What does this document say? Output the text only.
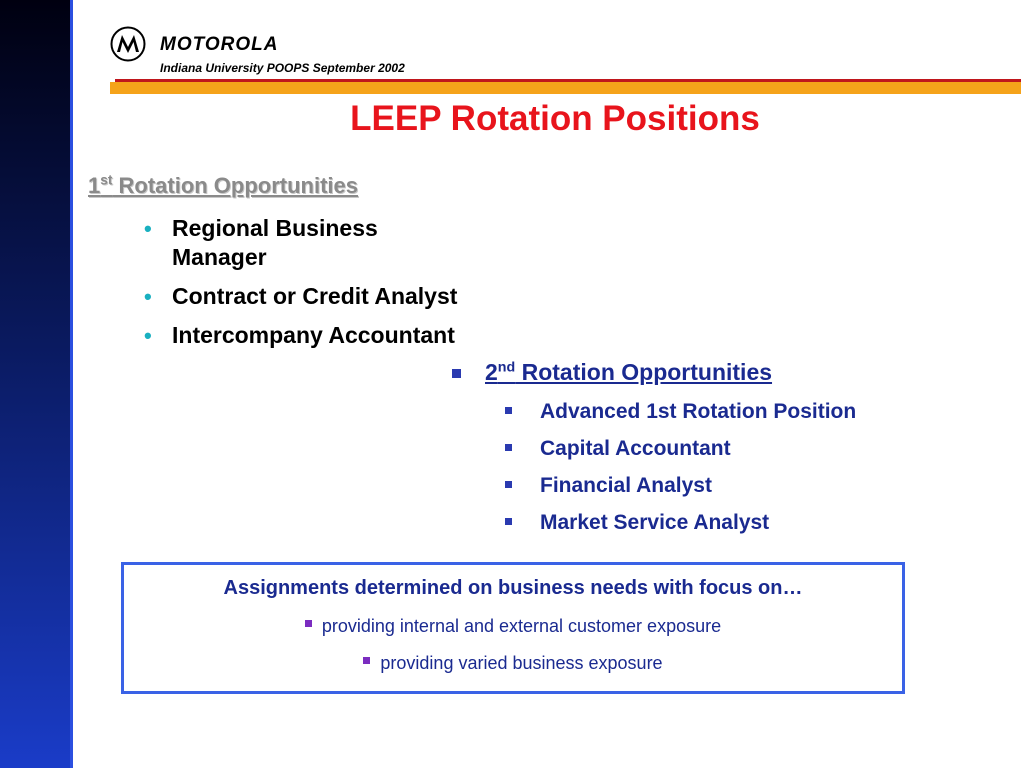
MOTOROLA
Indiana University POOPS September 2002
LEEP Rotation Positions
1st Rotation Opportunities
• Regional Business Manager
• Contract or Credit Analyst
• Intercompany Accountant
2nd Rotation Opportunities
Advanced 1st Rotation Position
Capital Accountant
Financial Analyst
Market Service Analyst
Assignments determined on business needs with focus on…
providing internal and external customer exposure
providing varied business exposure
